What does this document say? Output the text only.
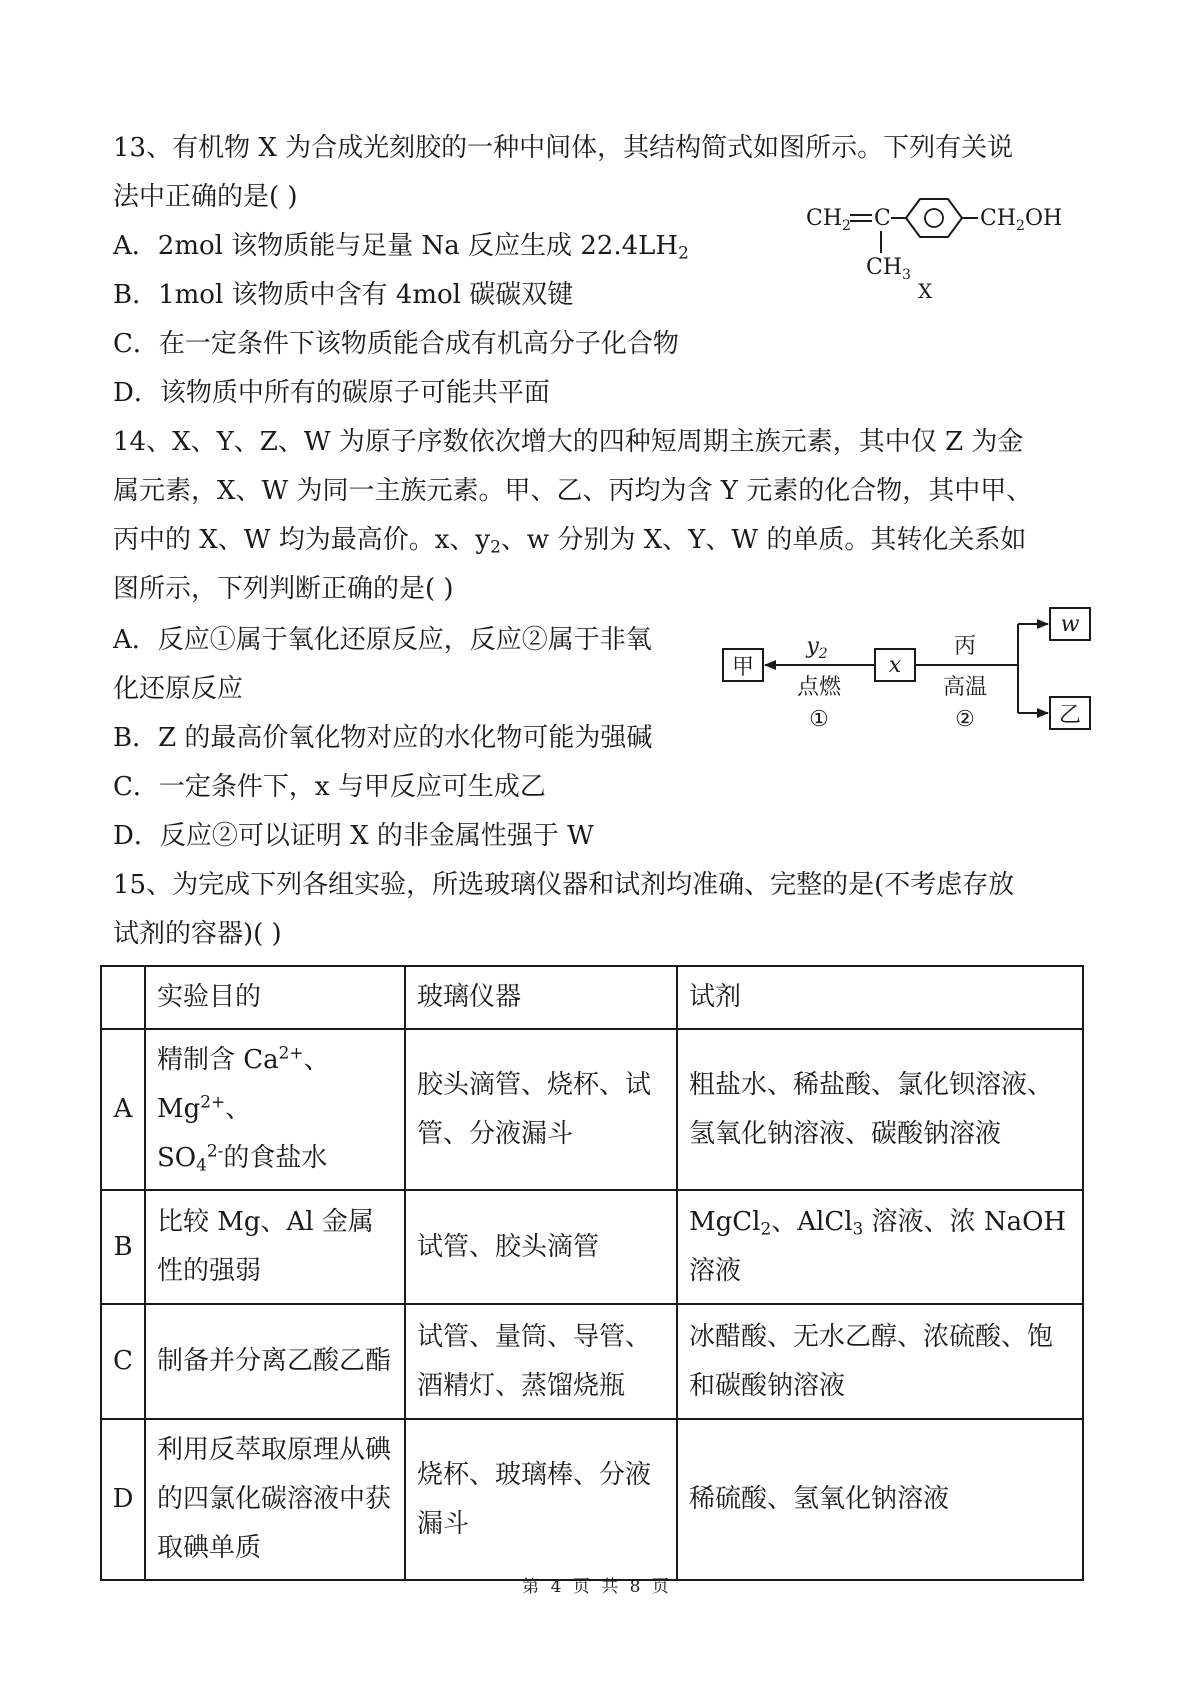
13、有机物 X 为合成光刻胶的一种中间体，其结构简式如图所示。下列有关说
法中正确的是( )
A．2mol 该物质能与足量 Na 反应生成 $22.4LH_2$
B．1mol 该物质中含有 4mol 碳碳双键
C．在一定条件下该物质能合成有机高分子化合物
D．该物质中所有的碳原子可能共平面
$CH_2$ C
$CH_3$
$CH_2OH$
X
14、X、Y、Z、W 为原子序数依次增大的四种短周期主族元素，其中仅 Z 为金
属元素，X、W 为同一主族元素。甲、乙、丙均为含 Y 元素的化合物，其中甲、
丙中的 X、W 均为最高价。x、$y_2$、w 分别为 X、Y、W 的单质。其转化关系如
图所示，下列判断正确的是( )
A．反应①属于氧化还原反应，反应②属于非氧
化还原反应
B．Z 的最高价氧化物对应的水化物可能为强碱
C．一定条件下，x 与甲反应可生成乙
D．反应②可以证明 X 的非金属性强于 W
甲	x
$y_2$
点燃
①
丙
高温
②
w
乙
15、为完成下列各组实验，所选玻璃仪器和试剂均准确、完整的是(不考虑存放
试剂的容器)( )
	实验目的	玻璃仪器	试剂
A	精制含 $Ca^{2+}$、$Mg^{2+}$、
$SO_4^{2-}$的食盐水	胶头滴管、烧杯、试管、分液漏斗	粗盐水、稀盐酸、氯化钡溶液、氢氧化钠溶液、碳酸钠溶液
B	比较 Mg、Al 金属性的强弱	试管、胶头滴管	MgCl$_2$、AlCl$_3$ 溶液、浓 NaOH 溶液
C	制备并分离乙酸乙酯	试管、量筒、导管、酒精灯、蒸馏烧瓶	冰醋酸、无水乙醇、浓硫酸、饱和碳酸钠溶液
D	利用反萃取原理从碘的四氯化碳溶液中获取碘单质	烧杯、玻璃棒、分液漏斗	稀硫酸、氢氧化钠溶液
第 4 页 共 8 页
